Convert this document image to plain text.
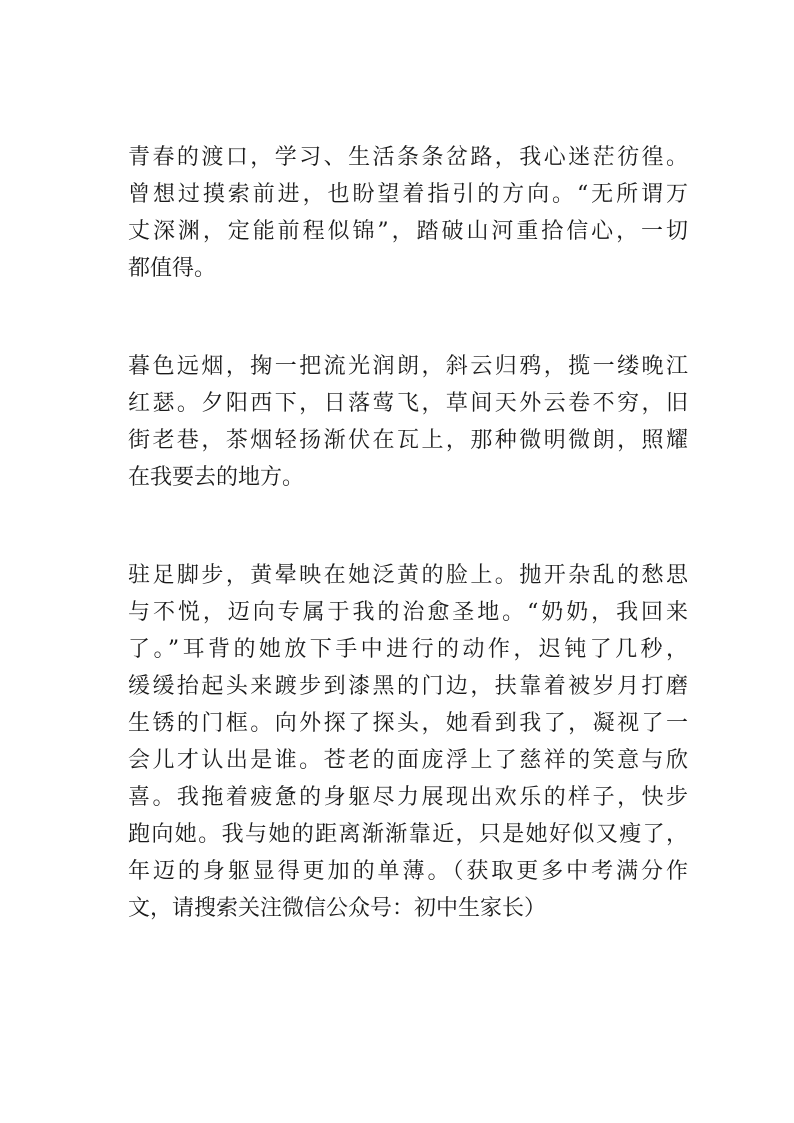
青春的渡口，学习、生活条条岔路，我心迷茫彷徨。

曾想过摸索前进，也盼望着指引的方向。“无所谓万

丈深渊，定能前程似锦”，踏破山河重拾信心，一切

都值得。

暮色远烟，掬一把流光润朗，斜云归鸦，揽一缕晚江

红瑟。夕阳西下，日落莺飞，草间天外云卷不穷，旧

街老巷，茶烟轻扬渐伏在瓦上，那种微明微朗，照耀

在我要去的地方。

驻足脚步，黄晕映在她泛黄的脸上。抛开杂乱的愁思

与不悦，迈向专属于我的治愈圣地。“奶奶，我回来

了。”耳背的她放下手中进行的动作，迟钝了几秒，

缓缓抬起头来踱步到漆黑的门边，扶靠着被岁月打磨

生锈的门框。向外探了探头，她看到我了，凝视了一

会儿才认出是谁。苍老的面庞浮上了慈祥的笑意与欣

喜。我拖着疲惫的身躯尽力展现出欢乐的样子，快步

跑向她。我与她的距离渐渐靠近，只是她好似又瘦了，

年迈的身躯显得更加的单薄。（获取更多中考满分作

文，请搜索关注微信公众号：初中生家长）
